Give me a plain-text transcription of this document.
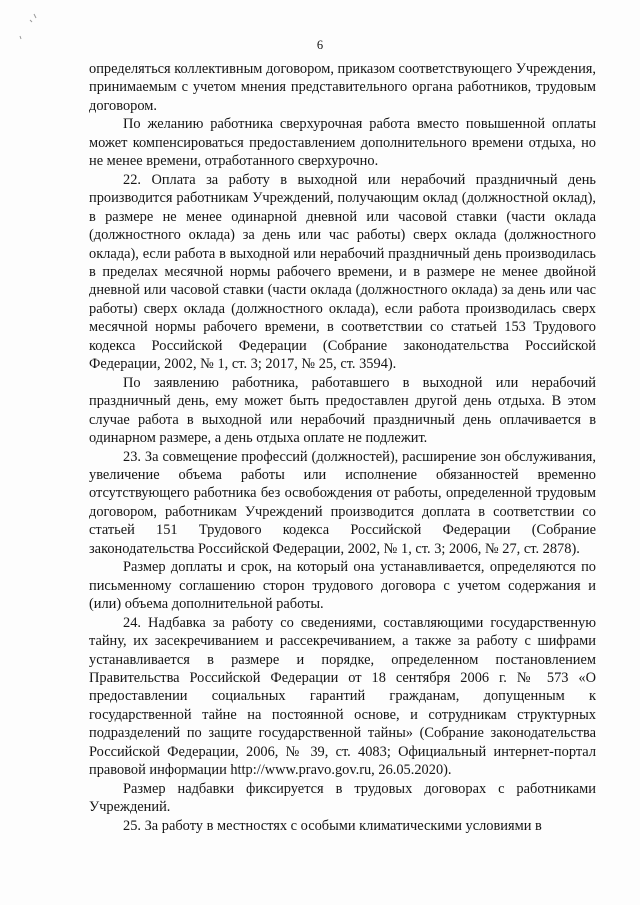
6

определяться коллективным договором, приказом соответствующего Учреждения, принимаемым с учетом мнения представительного органа работников, трудовым договором.

По желанию работника сверхурочная работа вместо повышенной оплаты может компенсироваться предоставлением дополнительного времени отдыха, но не менее времени, отработанного сверхурочно.

22. Оплата за работу в выходной или нерабочий праздничный день производится работникам Учреждений, получающим оклад (должностной оклад), в размере не менее одинарной дневной или часовой ставки (части оклада (должностного оклада) за день или час работы) сверх оклада (должностного оклада), если работа в выходной или нерабочий праздничный день производилась в пределах месячной нормы рабочего времени, и в размере не менее двойной дневной или часовой ставки (части оклада (должностного оклада) за день или час работы) сверх оклада (должностного оклада), если работа производилась сверх месячной нормы рабочего времени, в соответствии со статьей 153 Трудового кодекса Российской Федерации (Собрание законодательства Российской Федерации, 2002, № 1, ст. 3; 2017, № 25, ст. 3594).

По заявлению работника, работавшего в выходной или нерабочий праздничный день, ему может быть предоставлен другой день отдыха. В этом случае работа в выходной или нерабочий праздничный день оплачивается в одинарном размере, а день отдыха оплате не подлежит.

23. За совмещение профессий (должностей), расширение зон обслуживания, увеличение объема работы или исполнение обязанностей временно отсутствующего работника без освобождения от работы, определенной трудовым договором, работникам Учреждений производится доплата в соответствии со статьей 151 Трудового кодекса Российской Федерации (Собрание законодательства Российской Федерации, 2002, № 1, ст. 3; 2006, № 27, ст. 2878).

Размер доплаты и срок, на который она устанавливается, определяются по письменному соглашению сторон трудового договора с учетом содержания и (или) объема дополнительной работы.

24. Надбавка за работу со сведениями, составляющими государственную тайну, их засекречиванием и рассекречиванием, а также за работу с шифрами устанавливается в размере и порядке, определенном постановлением Правительства Российской Федерации от 18 сентября 2006 г. № 573 «О предоставлении социальных гарантий гражданам, допущенным к государственной тайне на постоянной основе, и сотрудникам структурных подразделений по защите государственной тайны» (Собрание законодательства Российской Федерации, 2006, № 39, ст. 4083; Официальный интернет-портал правовой информации http://www.pravo.gov.ru, 26.05.2020).

Размер надбавки фиксируется в трудовых договорах с работниками Учреждений.

25. За работу в местностях с особыми климатическими условиями в
